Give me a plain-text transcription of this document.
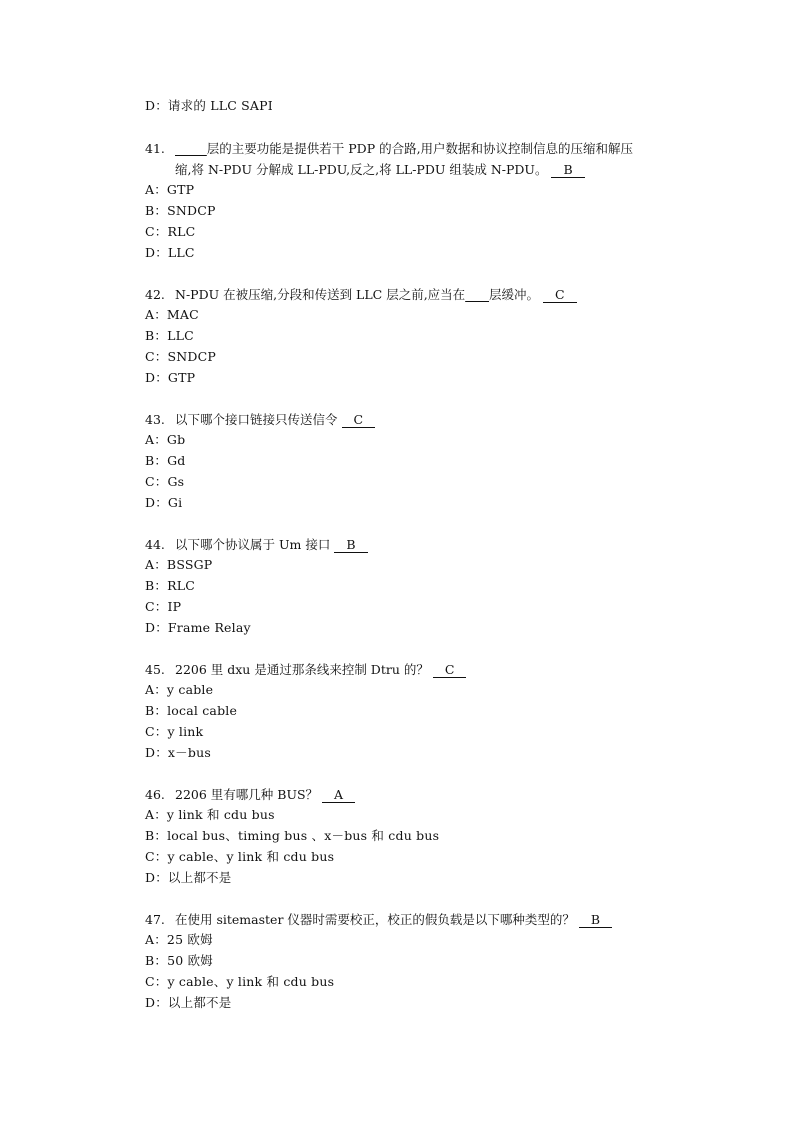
D：请求的 LLC SAPI
41.	层的主要功能是提供若干 PDP 的合路,用户数据和协议控制信息的压缩和解压
缩,将 N-PDU 分解成 LL-PDU,反之,将 LL-PDU 组装成 N-PDU。 B
A：GTP
B：SNDCP
C：RLC
D：LLC
42. N-PDU 在被压缩,分段和传送到 LLC 层之前,应当在 层缓冲。 C
A：MAC
B：LLC
C：SNDCP
D：GTP
43. 以下哪个接口链接只传送信令 C
A：Gb
B：Gd
C：Gs
D：Gi
44. 以下哪个协议属于 Um 接口 B
A：BSSGP
B：RLC
C：IP
D：Frame Relay
45. 2206 里 dxu 是通过那条线来控制 Dtru 的？ C
A：y cable
B：local cable
C：y link
D：x－bus
46. 2206 里有哪几种 BUS？ A
A：y link 和 cdu bus
B：local bus、timing bus 、x－bus 和 cdu bus
C：y cable、y link 和 cdu bus
D：以上都不是
47. 在使用 sitemaster 仪器时需要校正，校正的假负载是以下哪种类型的？ B
A：25 欧姆
B：50 欧姆
C：y cable、y link 和 cdu bus
D：以上都不是
